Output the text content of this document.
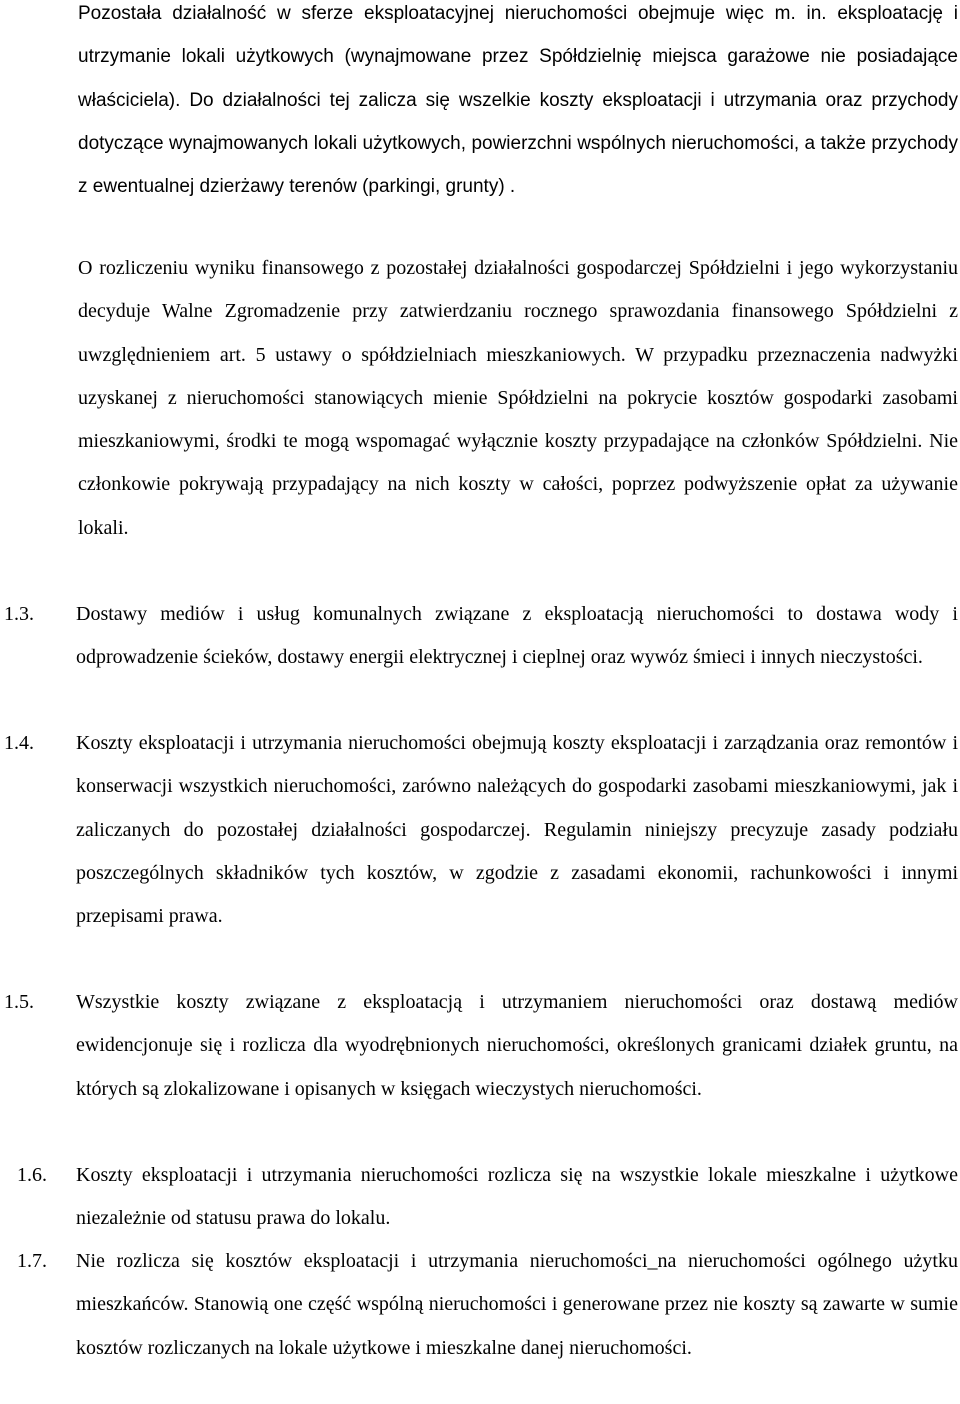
Pozostała działalność w sferze eksploatacyjnej nieruchomości obejmuje więc m. in. eksploatację i utrzymanie lokali użytkowych (wynajmowane przez Spółdzielnię miejsca garażowe nie posiadające właściciela). Do działalności tej zalicza się wszelkie koszty eksploatacji i utrzymania oraz przychody dotyczące wynajmowanych lokali użytkowych, powierzchni wspólnych nieruchomości, a także przychody z ewentualnej dzierżawy terenów (parkingi, grunty) .

O rozliczeniu wyniku finansowego z pozostałej działalności gospodarczej Spółdzielni i jego wykorzystaniu decyduje Walne Zgromadzenie przy zatwierdzaniu rocznego sprawozdania finansowego Spółdzielni z uwzględnieniem art. 5 ustawy o spółdzielniach mieszkaniowych. W przypadku przeznaczenia nadwyżki uzyskanej z nieruchomości stanowiących mienie Spółdzielni na pokrycie kosztów gospodarki zasobami mieszkaniowymi, środki te mogą wspomagać wyłącznie koszty przypadające na członków Spółdzielni. Nie członkowie pokrywają przypadający na nich koszty w całości, poprzez podwyższenie opłat za używanie lokali.

1.3. Dostawy mediów i usług komunalnych związane z eksploatacją nieruchomości to dostawa wody i odprowadzenie ścieków, dostawy energii elektrycznej i cieplnej oraz wywóz śmieci i innych nieczystości.

1.4. Koszty eksploatacji i utrzymania nieruchomości obejmują koszty eksploatacji i zarządzania oraz remontów i konserwacji wszystkich nieruchomości, zarówno należących do gospodarki zasobami mieszkaniowymi, jak i zaliczanych do pozostałej działalności gospodarczej. Regulamin niniejszy precyzuje zasady podziału poszczególnych składników tych kosztów, w zgodzie z zasadami ekonomii, rachunkowości i innymi przepisami prawa.

1.5. Wszystkie koszty związane z eksploatacją i utrzymaniem nieruchomości oraz dostawą mediów ewidencjonuje się i rozlicza dla wyodrębnionych nieruchomości, określonych granicami działek gruntu, na których są zlokalizowane i opisanych w księgach wieczystych nieruchomości.

1.6. Koszty eksploatacji i utrzymania nieruchomości rozlicza się na wszystkie lokale mieszkalne i użytkowe niezależnie od statusu prawa do lokalu.

1.7. Nie rozlicza się kosztów eksploatacji i utrzymania nieruchomości_na nieruchomości ogólnego użytku mieszkańców. Stanowią one część wspólną nieruchomości i generowane przez nie koszty są zawarte w sumie kosztów rozliczanych na lokale użytkowe i mieszkalne danej nieruchomości.
